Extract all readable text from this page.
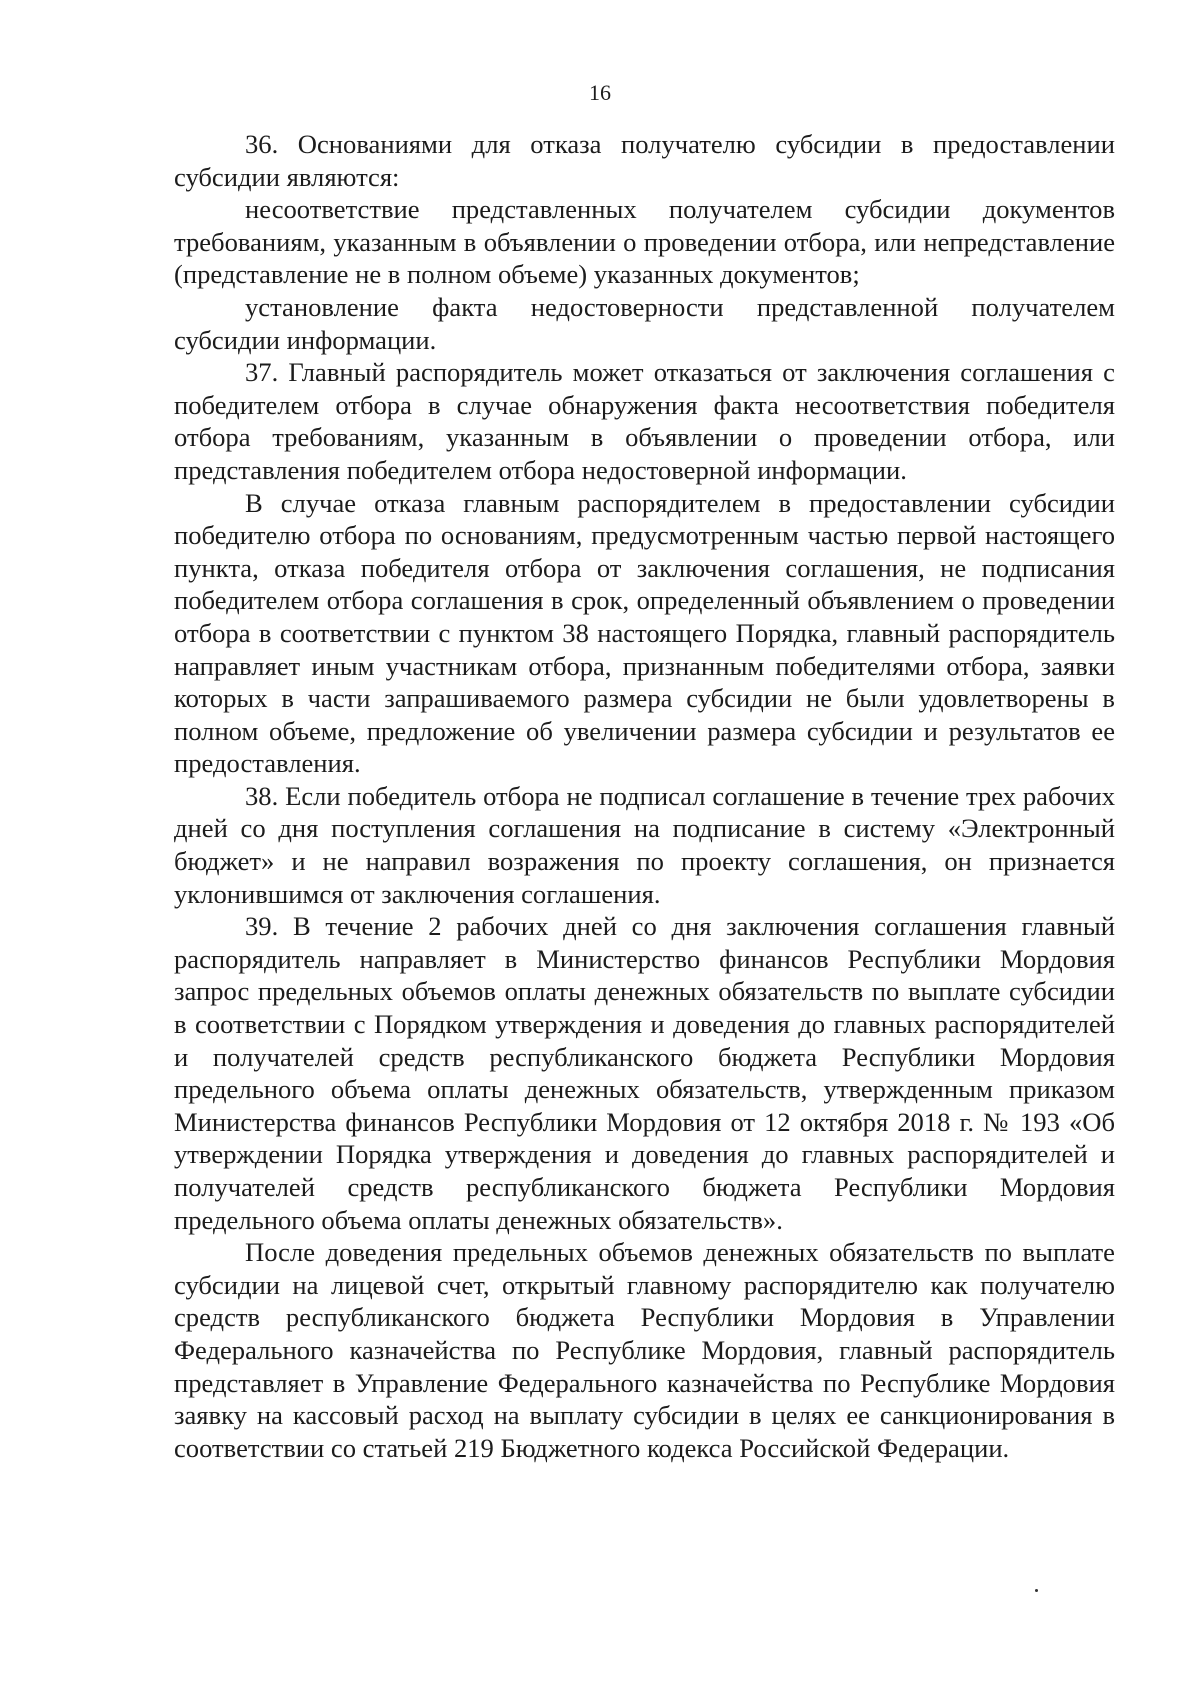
16

36. Основаниями для отказа получателю субсидии в предоставлении субсидии являются:

несоответствие представленных получателем субсидии документов требованиям, указанным в объявлении о проведении отбора, или непредставление (представление не в полном объеме) указанных документов;

установление факта недостоверности представленной получателем субсидии информации.

37. Главный распорядитель может отказаться от заключения соглашения с победителем отбора в случае обнаружения факта несоответствия победителя отбора требованиям, указанным в объявлении о проведении отбора, или представления победителем отбора недостоверной информации.

В случае отказа главным распорядителем в предоставлении субсидии победителю отбора по основаниям, предусмотренным частью первой настоящего пункта, отказа победителя отбора от заключения соглашения, не подписания победителем отбора соглашения в срок, определенный объявлением о проведении отбора в соответствии с пунктом 38 настоящего Порядка, главный распорядитель направляет иным участникам отбора, признанным победителями отбора, заявки которых в части запрашиваемого размера субсидии не были удовлетворены в полном объеме, предложение об увеличении размера субсидии и результатов ее предоставления.

38. Если победитель отбора не подписал соглашение в течение трех рабочих дней со дня поступления соглашения на подписание в систему «Электронный бюджет» и не направил возражения по проекту соглашения, он признается уклонившимся от заключения соглашения.

39. В течение 2 рабочих дней со дня заключения соглашения главный распорядитель направляет в Министерство финансов Республики Мордовия запрос предельных объемов оплаты денежных обязательств по выплате субсидии в соответствии с Порядком утверждения и доведения до главных распорядителей и получателей средств республиканского бюджета Республики Мордовия предельного объема оплаты денежных обязательств, утвержденным приказом Министерства финансов Республики Мордовия от 12 октября 2018 г. № 193 «Об утверждении Порядка утверждения и доведения до главных распорядителей и получателей средств республиканского бюджета Республики Мордовия предельного объема оплаты денежных обязательств».

После доведения предельных объемов денежных обязательств по выплате субсидии на лицевой счет, открытый главному распорядителю как получателю средств республиканского бюджета Республики Мордовия в Управлении Федерального казначейства по Республике Мордовия, главный распорядитель представляет в Управление Федерального казначейства по Республике Мордовия заявку на кассовый расход на выплату субсидии в целях ее санкционирования в соответствии со статьей 219 Бюджетного кодекса Российской Федерации.
